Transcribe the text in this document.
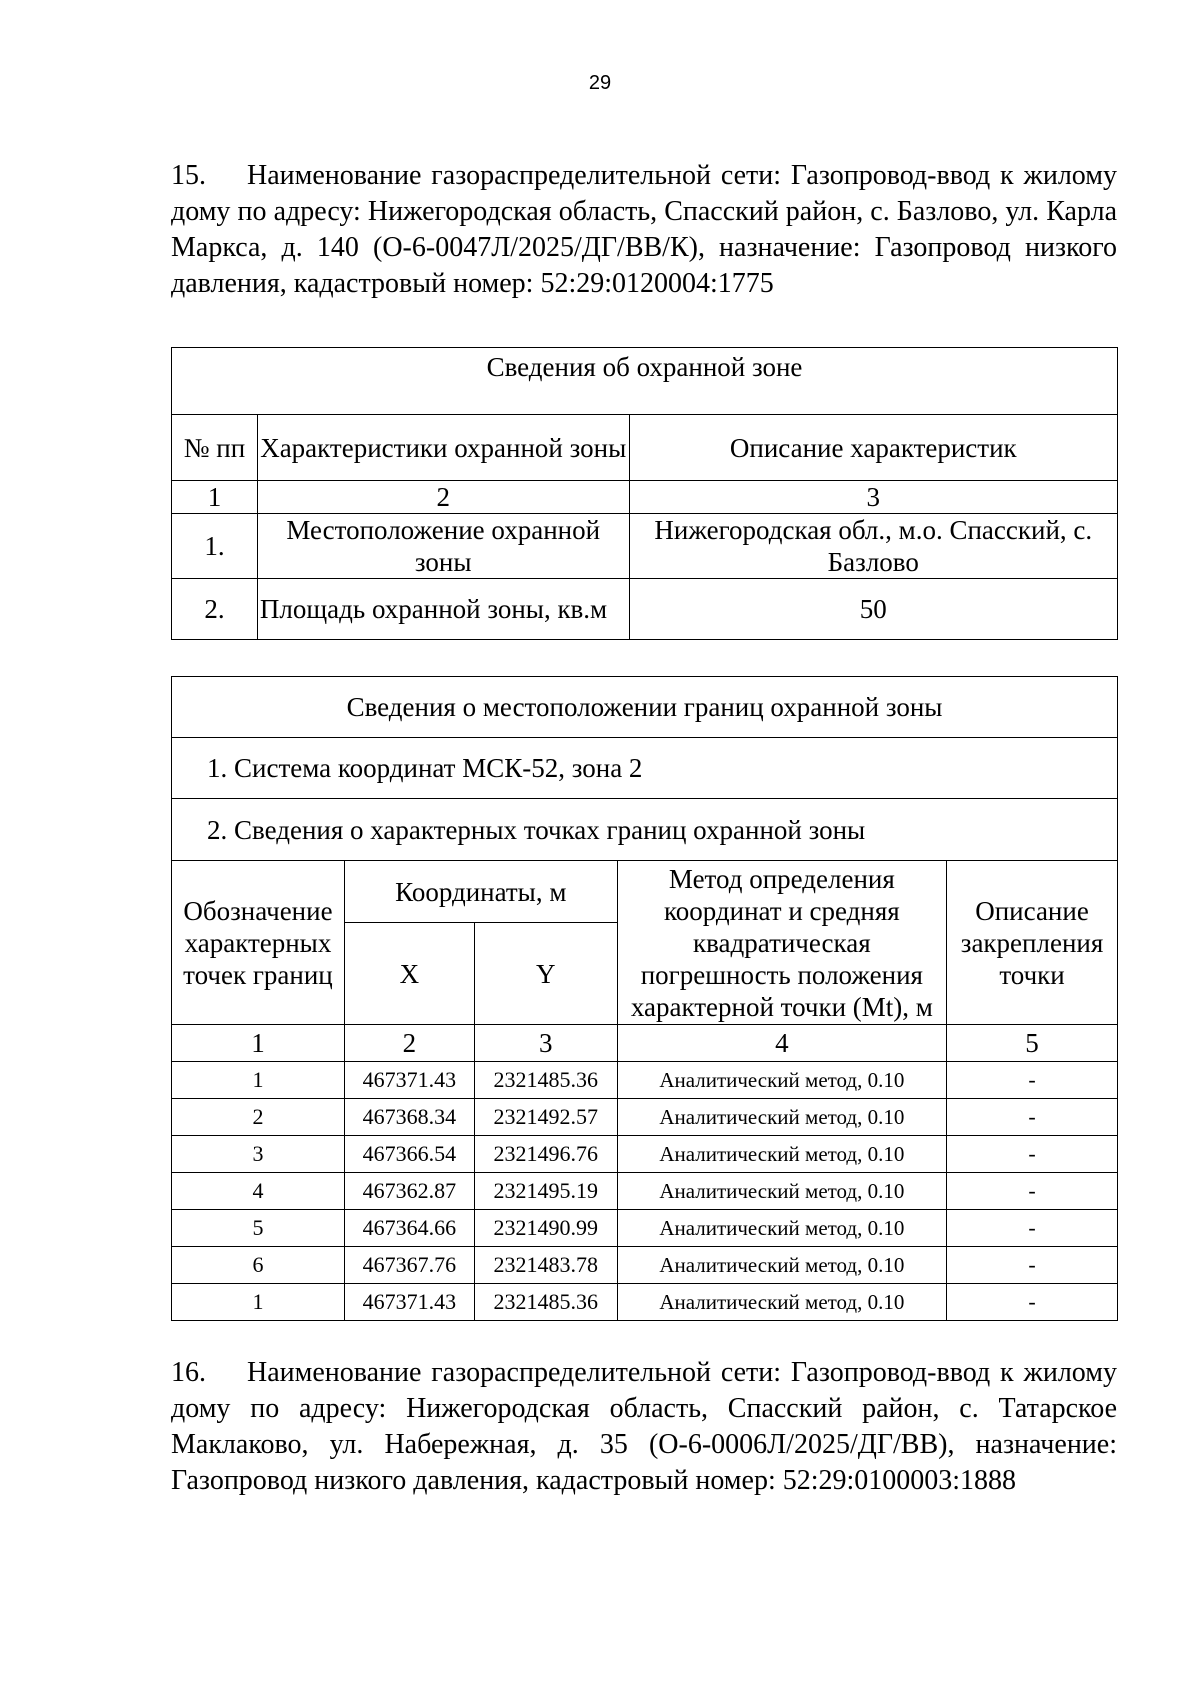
29

15. Наименование газораспределительной сети: Газопровод-ввод к жилому дому по адресу: Нижегородская область, Спасский район, с. Базлово, ул. Карла Маркса, д. 140 (О-6-0047Л/2025/ДГ/ВВ/К), назначение: Газопровод низкого давления, кадастровый номер: 52:29:0120004:1775

Сведения об охранной зоне		
№ пп	Характеристики охранной зоны	Описание характеристик
1	2	3
1.	Местоположение охранной зоны	Нижегородская обл., м.о. Спасский, с. Базлово
2.	Площадь охранной зоны, кв.м	50
Сведения о местоположении границ охранной зоны				
1. Система координат МСК-52, зона 2				
2. Сведения о характерных точках границ охранной зоны				
Обозначение характерных точек границ	Координаты, м		Метод определения координат и средняя квадратическая погрешность положения характерной точки (Mt), м	Описание закрепления точки
	X	Y		
1	2	3	4	5
1	467371.43	2321485.36	Аналитический метод, 0.10	-
2	467368.34	2321492.57	Аналитический метод, 0.10	-
3	467366.54	2321496.76	Аналитический метод, 0.10	-
4	467362.87	2321495.19	Аналитический метод, 0.10	-
5	467364.66	2321490.99	Аналитический метод, 0.10	-
6	467367.76	2321483.78	Аналитический метод, 0.10	-
1	467371.43	2321485.36	Аналитический метод, 0.10	-

16. Наименование газораспределительной сети: Газопровод-ввод к жилому дому по адресу: Нижегородская область, Спасский район, с. Татарское Маклаково, ул. Набережная, д. 35 (О-6-0006Л/2025/ДГ/ВВ), назначение: Газопровод низкого давления, кадастровый номер: 52:29:0100003:1888
